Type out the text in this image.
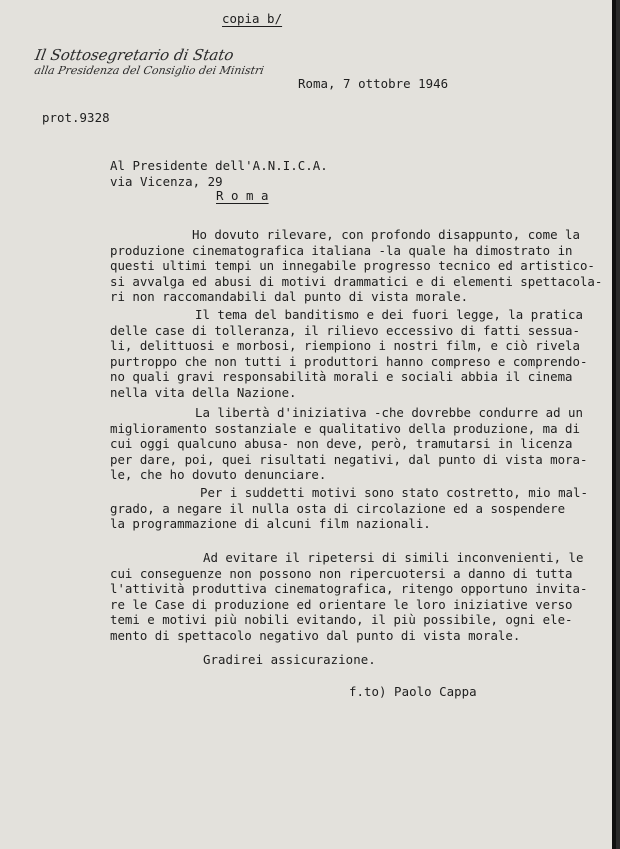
copia b/
Il Sottosegretario di Stato
alla Presidenza del Consiglio dei Ministri
Roma, 7 ottobre 1946
prot.9328
Al Presidente dell'A.N.I.C.A.
via Vicenza, 29
R o m a
Ho dovuto rilevare, con profondo disappunto, come la
produzione cinematografica italiana -la quale ha dimostrato in
questi ultimi tempi un innegabile progresso tecnico ed artistico-
si avvalga ed abusi di motivi drammatici e di elementi spettacola-
ri non raccomandabili dal punto di vista morale.
Il tema del banditismo e dei fuori legge, la pratica
delle case di tolleranza, il rilievo eccessivo di fatti sessua-
li, delittuosi e morbosi, riempiono i nostri film, e ciò rivela
purtroppo che non tutti i produttori hanno compreso e comprendo-
no quali gravi responsabilità morali e sociali abbia il cinema
nella vita della Nazione.
La libertà d'iniziativa -che dovrebbe condurre ad un
miglioramento sostanziale e qualitativo della produzione, ma di
cui oggi qualcuno abusa- non deve, però, tramutarsi in licenza
per dare, poi, quei risultati negativi, dal punto di vista mora-
le, che ho dovuto denunciare.
Per i suddetti motivi sono stato costretto, mio mal-
grado, a negare il nulla osta di circolazione ed a sospendere
la programmazione di alcuni film nazionali.
Ad evitare il ripetersi di simili inconvenienti, le
cui conseguenze non possono non ripercuotersi a danno di tutta
l'attività produttiva cinematografica, ritengo opportuno invita-
re le Case di produzione ed orientare le loro iniziative verso
temi e motivi più nobili evitando, il più possibile, ogni ele-
mento di spettacolo negativo dal punto di vista morale.
Gradirei assicurazione.
f.to) Paolo Cappa
